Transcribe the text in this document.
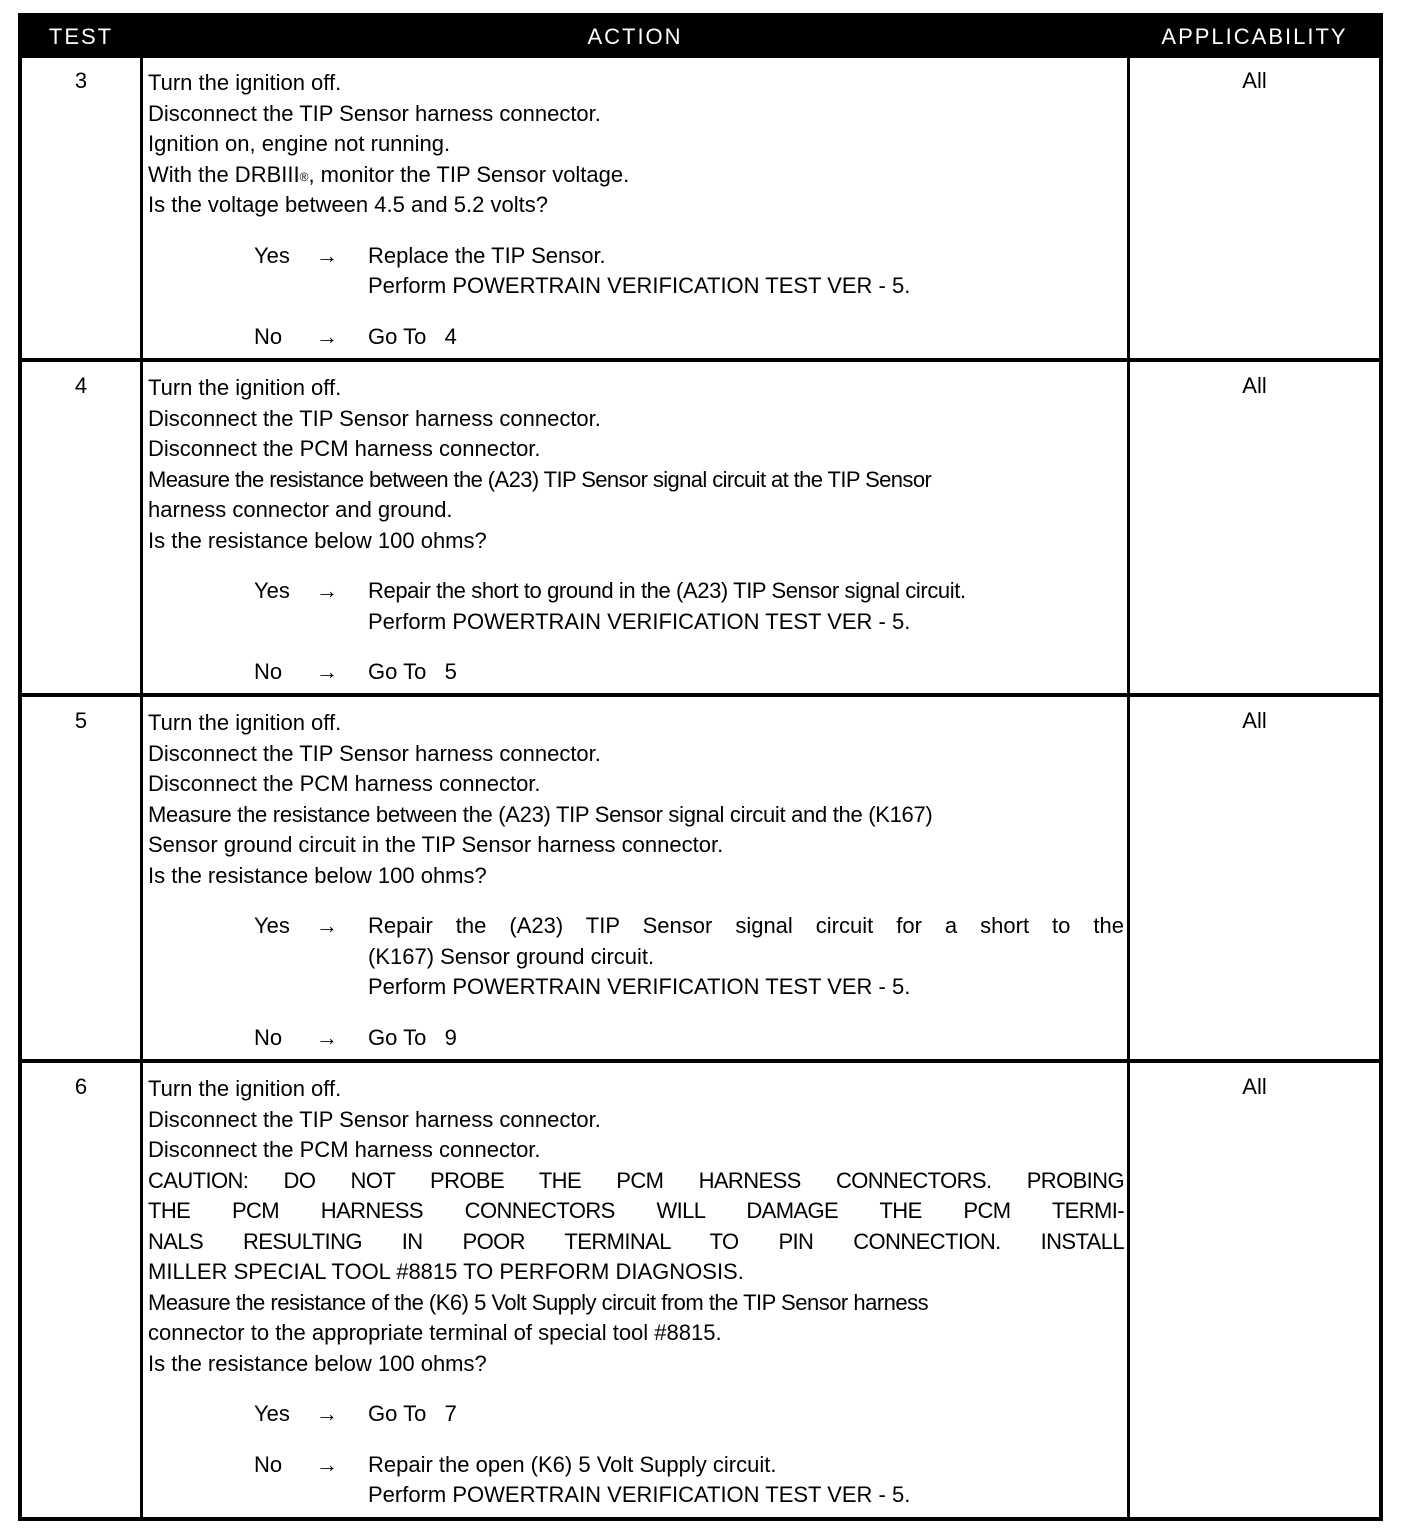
TEST	ACTION	APPLICABILITY
3	Turn the ignition off.
Disconnect the TIP Sensor harness connector.
Ignition on, engine not running.
With the DRBIII®, monitor the TIP Sensor voltage.
Is the voltage between 4.5 and 5.2 volts?
Yes → Replace the TIP Sensor.
Perform POWERTRAIN VERIFICATION TEST VER - 5.
No → Go To   4
All
4	Turn the ignition off.
Disconnect the TIP Sensor harness connector.
Disconnect the PCM harness connector.
Measure the resistance between the (A23) TIP Sensor signal circuit at the TIP Sensor
harness connector and ground.
Is the resistance below 100 ohms?
Yes → Repair the short to ground in the (A23) TIP Sensor signal circuit.
Perform POWERTRAIN VERIFICATION TEST VER - 5.
No → Go To   5
All
5	Turn the ignition off.
Disconnect the TIP Sensor harness connector.
Disconnect the PCM harness connector.
Measure the resistance between the (A23) TIP Sensor signal circuit and the (K167)
Sensor ground circuit in the TIP Sensor harness connector.
Is the resistance below 100 ohms?
Yes → Repair the (A23) TIP Sensor signal circuit for a short to the
(K167) Sensor ground circuit.
Perform POWERTRAIN VERIFICATION TEST VER - 5.
No → Go To   9
All
6	Turn the ignition off.
Disconnect the TIP Sensor harness connector.
Disconnect the PCM harness connector.
CAUTION: DO NOT PROBE THE PCM HARNESS CONNECTORS. PROBING
THE PCM HARNESS CONNECTORS WILL DAMAGE THE PCM TERMI-
NALS RESULTING IN POOR TERMINAL TO PIN CONNECTION. INSTALL
MILLER SPECIAL TOOL #8815 TO PERFORM DIAGNOSIS.
Measure the resistance of the (K6) 5 Volt Supply circuit from the TIP Sensor harness
connector to the appropriate terminal of special tool #8815.
Is the resistance below 100 ohms?
Yes → Go To   7
No → Repair the open (K6) 5 Volt Supply circuit.
Perform POWERTRAIN VERIFICATION TEST VER - 5.
All
